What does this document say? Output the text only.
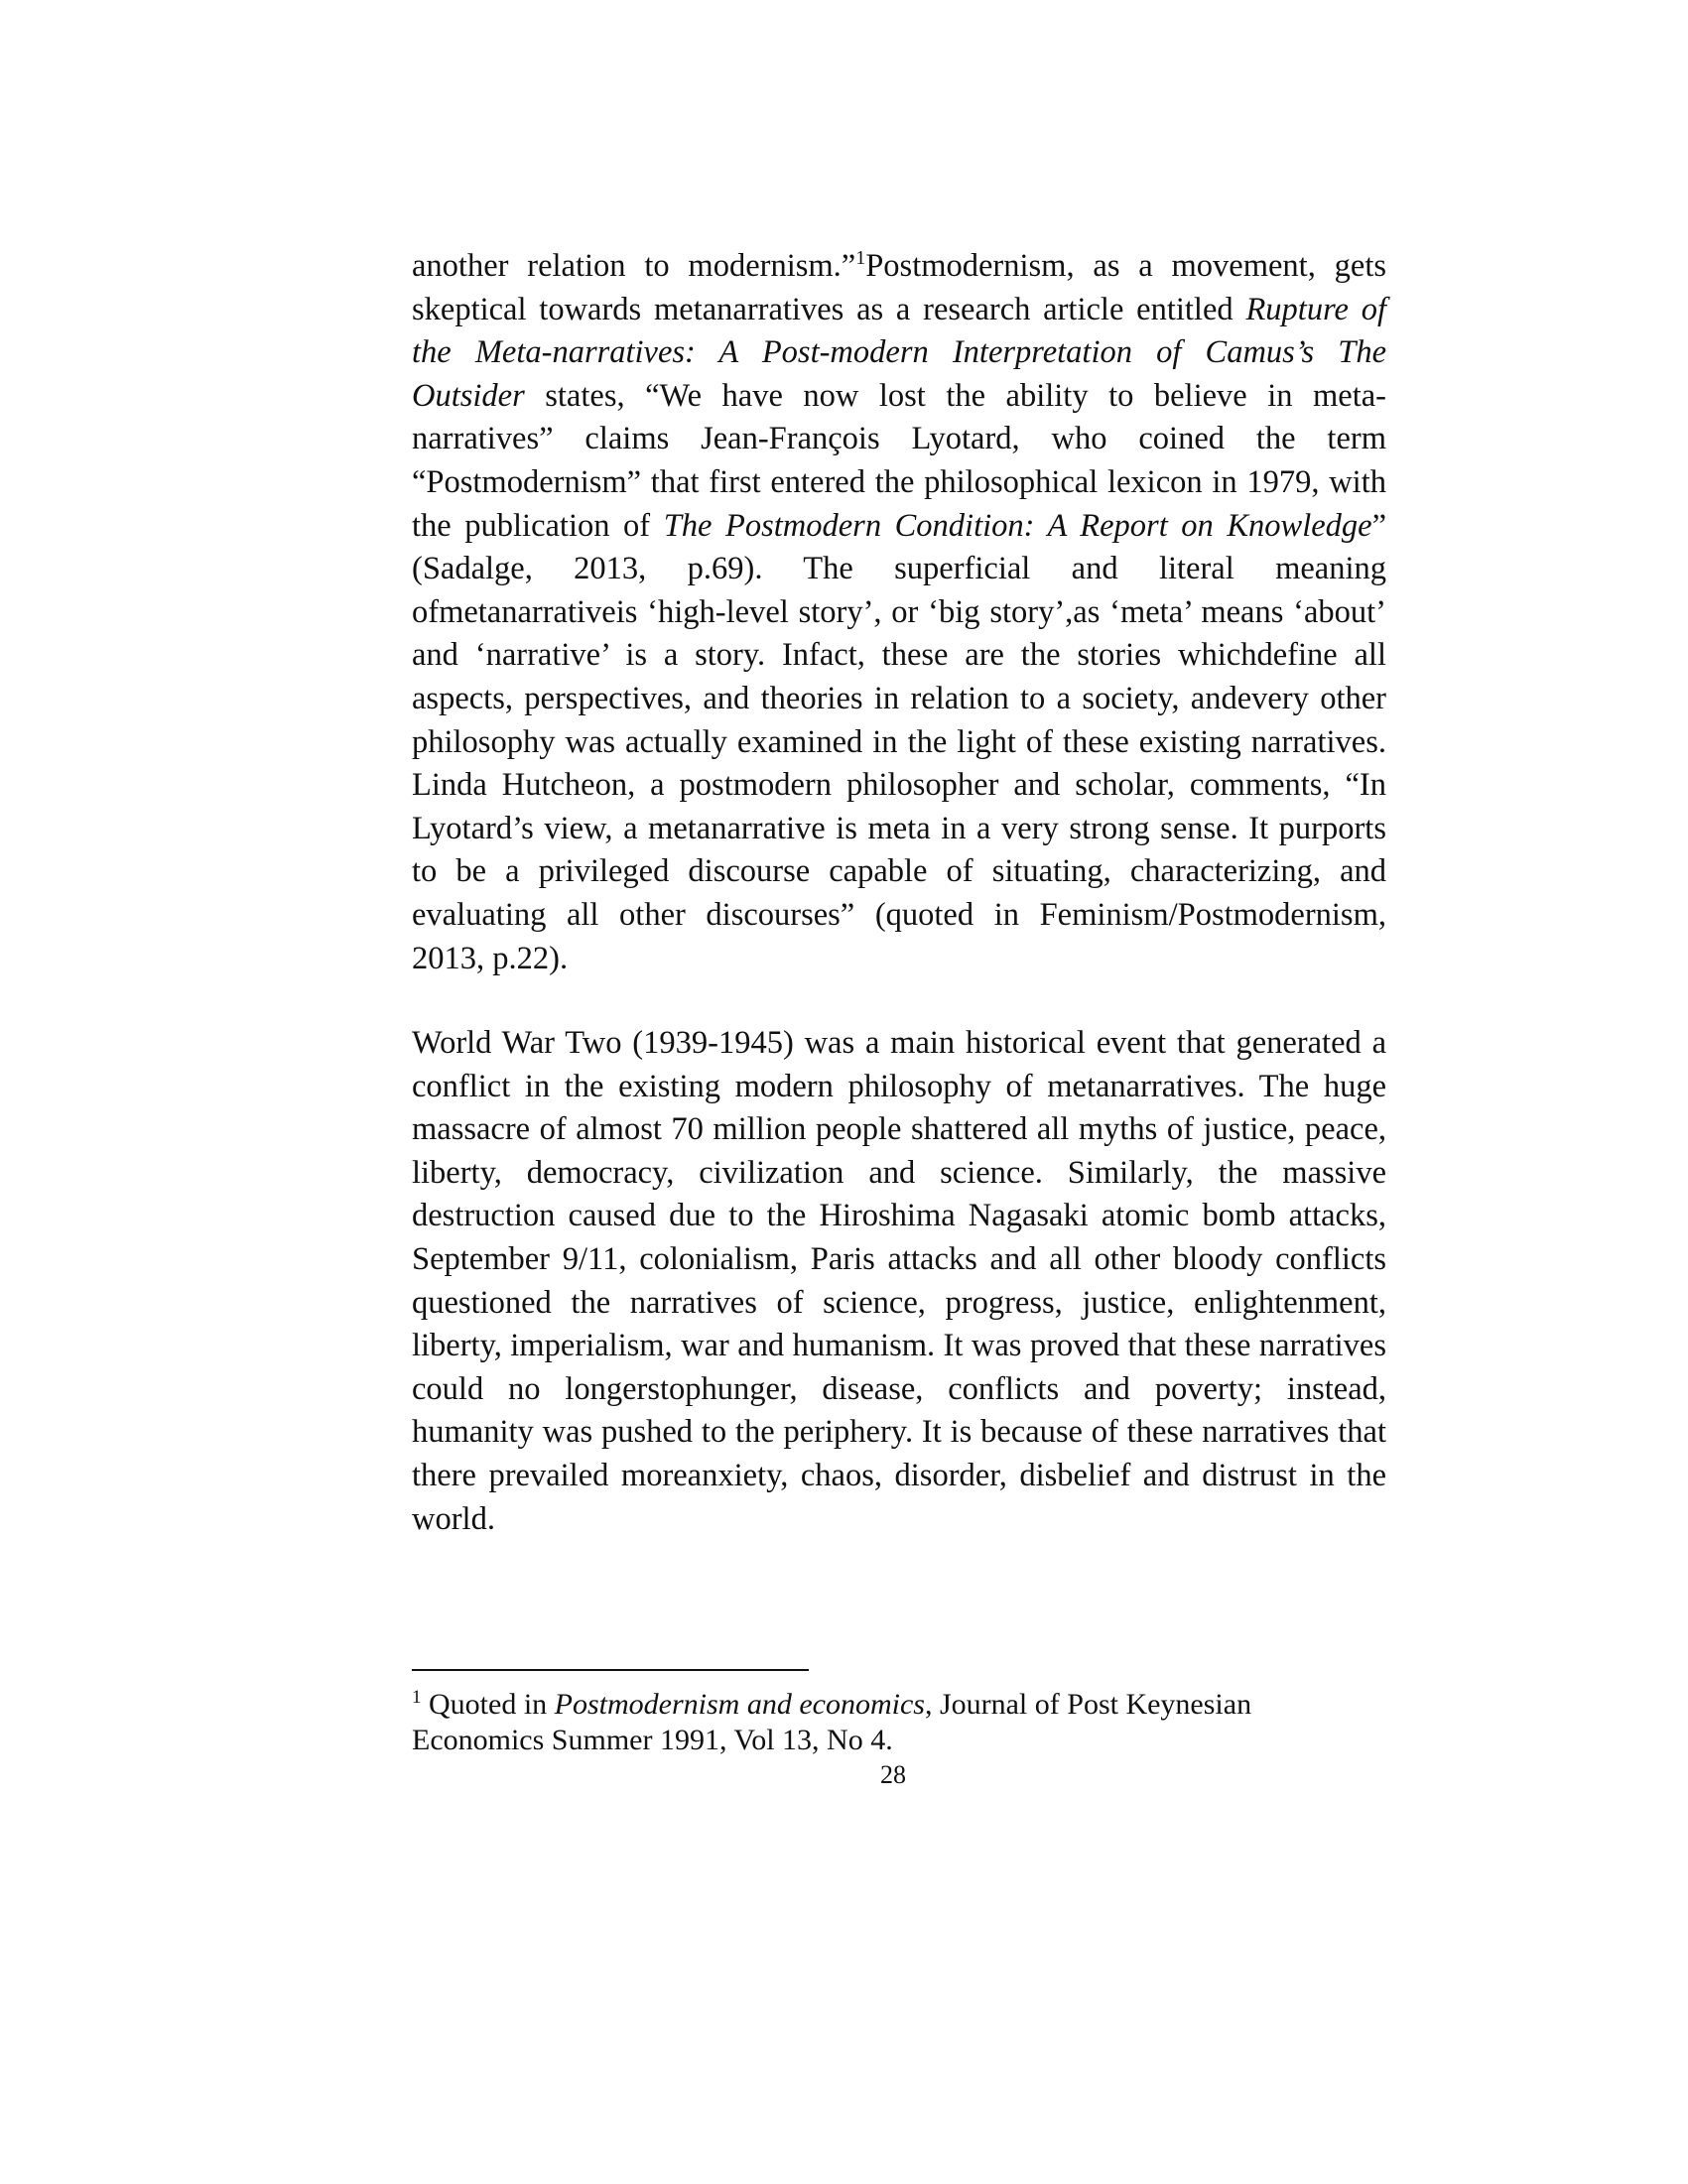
another relation to modernism.”$^1$Postmodernism, as a movement, gets skeptical towards metanarratives as a research article entitled Rupture of the Meta-narratives: A Post-modern Interpretation of Camus’s The Outsider states, “We have now lost the ability to believe in meta-narratives” claims Jean-François Lyotard, who coined the term “Postmodernism” that first entered the philosophical lexicon in 1979, with the publication of The Postmodern Condition: A Report on Knowledge” (Sadalge, 2013, p.69). The superficial and literal meaning ofmetanarrativeis ‘high-level story’, or ‘big story’,as ‘meta’ means ‘about’ and ‘narrative’ is a story. Infact, these are the stories whichdefine all aspects, perspectives, and theories in relation to a society, andevery other philosophy was actually examined in the light of these existing narratives. Linda Hutcheon, a postmodern philosopher and scholar, comments, “In Lyotard’s view, a metanarrative is meta in a very strong sense. It purports to be a privileged discourse capable of situating, characterizing, and evaluating all other discourses” (quoted in Feminism/Postmodernism, 2013, p.22).
World War Two (1939-1945) was a main historical event that generated a conflict in the existing modern philosophy of metanarratives. The huge massacre of almost 70 million people shattered all myths of justice, peace, liberty, democracy, civilization and science. Similarly, the massive destruction caused due to the Hiroshima Nagasaki atomic bomb attacks, September 9/11, colonialism, Paris attacks and all other bloody conflicts questioned the narratives of science, progress, justice, enlightenment, liberty, imperialism, war and humanism. It was proved that these narratives could no longerstophunger, disease, conflicts and poverty; instead, humanity was pushed to the periphery. It is because of these narratives that there prevailed moreanxiety, chaos, disorder, disbelief and distrust in the world.
$^1$ Quoted in Postmodernism and economics, Journal of Post Keynesian Economics Summer 1991, Vol 13, No 4.
28
